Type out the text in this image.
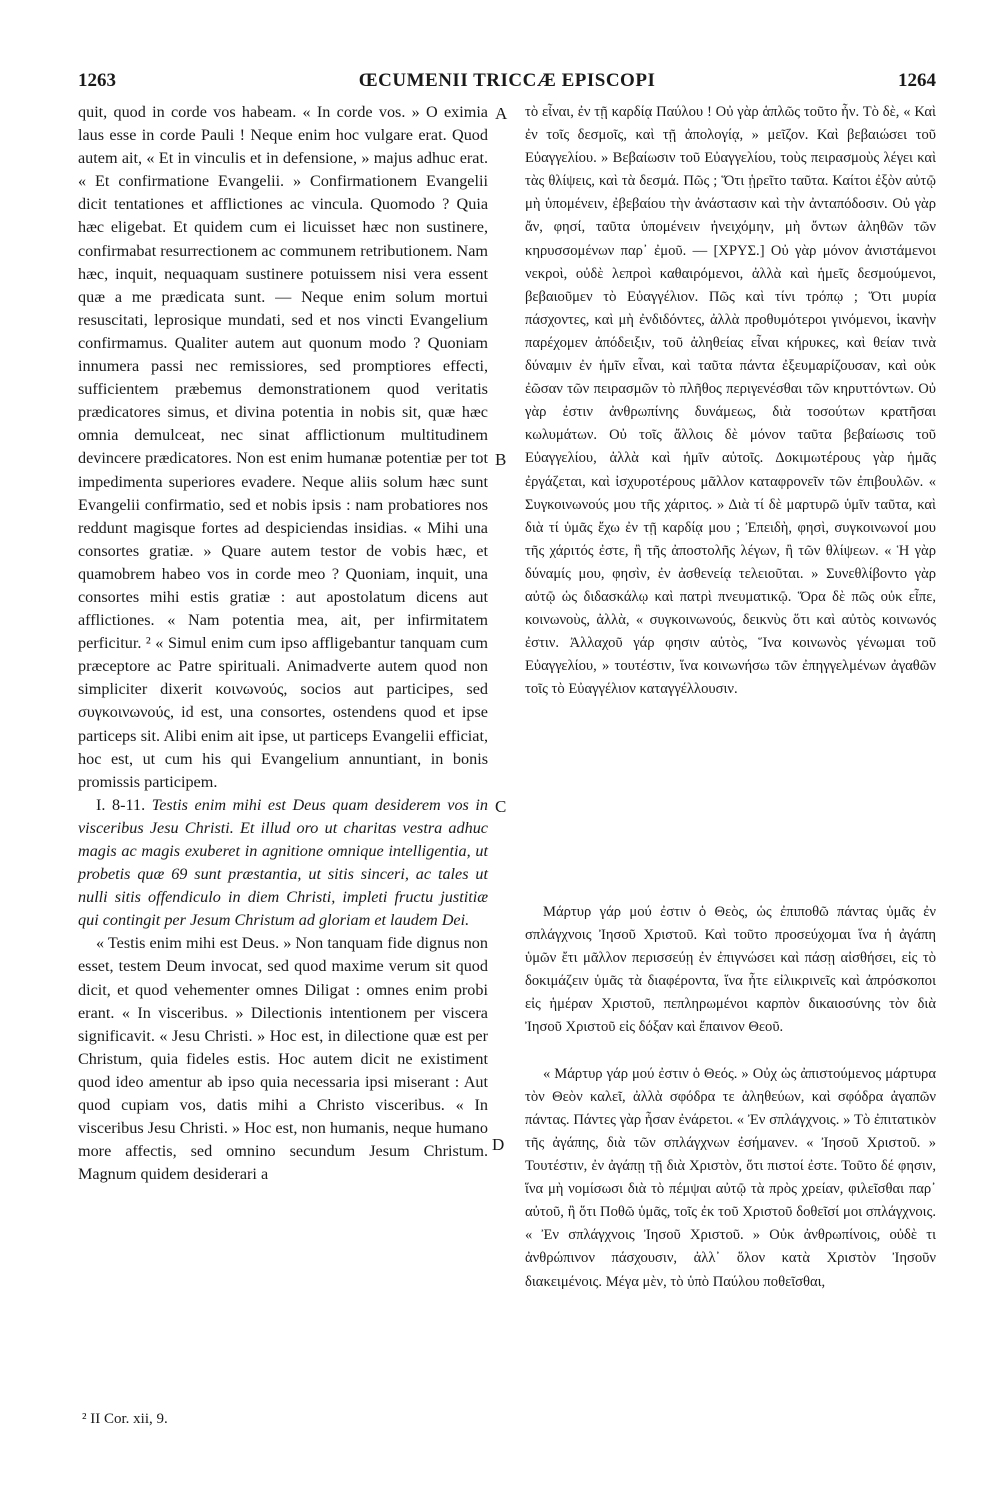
1263	ŒCUMENII TRICCÆ EPISCOPI	1264
A
B
C
D

quit, quod in corde vos habeam. « In corde vos. » O eximia laus esse in corde Pauli ! Neque enim hoc vulgare erat. Quod autem ait, « Et in vinculis et in defensione, » majus adhuc erat. « Et confirmatione Evangelii. » Confirmationem Evangelii dicit tentationes et afflictiones ac vincula. Quomodo ? Quia hæc eligebat. Et quidem cum ei licuisset hæc non sustinere, confirmabat resurrectionem ac communem retributionem. Nam hæc, inquit, nequaquam sustinere potuissem nisi vera essent quæ a me prædicata sunt. — Neque enim solum mortui resuscitati, leprosique mundati, sed et nos vincti Evangelium confirmamus. Qualiter autem aut quonum modo ? Quoniam innumera passi nec remissiores, sed promptiores effecti, sufficientem præbemus demonstrationem quod veritatis prædicatores simus, et divina potentia in nobis sit, quæ hæc omnia demulceat, nec sinat afflictionum multitudinem devincere prædicatores. Non est enim humanæ potentiæ per tot impedimenta superiores evadere. Neque aliis solum hæc sunt Evangelii confirmatio, sed et nobis ipsis : nam probatiores nos reddunt magisque fortes ad despiciendas insidias. « Mihi una consortes gratiæ. » Quare autem testor de vobis hæc, et quamobrem habeo vos in corde meo ? Quoniam, inquit, una consortes mihi estis gratiæ : aut apostolatum dicens aut afflictiones. « Nam potentia mea, ait, per infirmitatem perficitur. ² « Simul enim cum ipso affligebantur tanquam cum præceptore ac Patre spirituali. Animadverte autem quod non simpliciter dixerit κοινωνούς, socios aut participes, sed συγκοινωνούς, id est, una consortes, ostendens quod et ipse particeps sit. Alibi enim ait ipse, ut particeps Evangelii efficiat, hoc est, ut cum his qui Evangelium annuntiant, in bonis promissis participem.

I. 8-11. Testis enim mihi est Deus quam desiderem vos in visceribus Jesu Christi. Et illud oro ut charitas vestra adhuc magis ac magis exuberet in agnitione omnique intelligentia, ut probetis quæ 69 sunt præstantia, ut sitis sinceri, ac tales ut nulli sitis offendiculo in diem Christi, impleti fructu justitiæ qui contingit per Jesum Christum ad gloriam et laudem Dei.

« Testis enim mihi est Deus. » Non tanquam fide dignus non esset, testem Deum invocat, sed quod maxime verum sit quod dicit, et quod vehementer omnes Diligat : omnes enim probi erant. « In visceribus. » Dilectionis intentionem per viscera significavit. « Jesu Christi. » Hoc est, in dilectione quæ est per Christum, quia fideles estis. Hoc autem dicit ne existiment quod ideo amentur ab ipso quia necessaria ipsi miserant : Aut quod cupiam vos, datis mihi a Christo visceribus. « In visceribus Jesu Christi. » Hoc est, non humanis, neque humano more affectis, sed omnino secundum Jesum Christum. Magnum quidem desiderari a

τὸ εἶναι, ἐν τῇ καρδίᾳ Παύλου ! Οὐ γὰρ ἁπλῶς τοῦτο ἦν. Τὸ δὲ, « Καὶ ἐν τοῖς δεσμοῖς, καὶ τῇ ἀπολογίᾳ, » μεῖζον. Καὶ βεβαιώσει τοῦ Εὐαγγελίου. » Βεβαίωσιν τοῦ Εὐαγγελίου, τοὺς πειρασμοὺς λέγει καὶ τὰς θλίψεις, καὶ τὰ δεσμά. Πῶς ; Ὅτι ᾑρεῖτο ταῦτα. Καίτοι ἐξὸν αὐτῷ μὴ ὑπομένειν, ἐβεβαίου τὴν ἀνάστασιν καὶ τὴν ἀνταπόδοσιν. Οὐ γὰρ ἄν, φησί, ταῦτα ὑπομένειν ἠνειχόμην, μὴ ὄντων ἀληθῶν τῶν κηρυσσομένων παρ᾽ ἐμοῦ. — [ΧΡΥΣ.] Οὐ γὰρ μόνον ἀνιστάμενοι νεκροὶ, οὐδὲ λεπροὶ καθαιρόμενοι, ἀλλὰ καὶ ἡμεῖς δεσμούμενοι, βεβαιοῦμεν τὸ Εὐαγγέλιον. Πῶς καὶ τίνι τρόπῳ ; Ὅτι μυρία πάσχοντες, καὶ μὴ ἐνδιδόντες, ἀλλὰ προθυμότεροι γινόμενοι, ἱκανὴν παρέχομεν ἀπόδειξιν, τοῦ ἀληθείας εἶναι κήρυκες, καὶ θείαν τινὰ δύναμιν ἐν ἡμῖν εἶναι, καὶ ταῦτα πάντα ἐξευμαρίζουσαν, καὶ οὐκ ἐῶσαν τῶν πειρασμῶν τὸ πλῆθος περιγενέσθαι τῶν κηρυττόντων. Οὐ γὰρ ἐστιν ἀνθρωπίνης δυνάμεως, διὰ τοσούτων κρατῆσαι κωλυμάτων. Οὐ τοῖς ἄλλοις δὲ μόνον ταῦτα βεβαίωσις τοῦ Εὐαγγελίου, ἀλλὰ καὶ ἡμῖν αὐτοῖς. Δοκιμωτέρους γὰρ ἡμᾶς ἐργάζεται, καὶ ἰσχυροτέρους μᾶλλον καταφρονεῖν τῶν ἐπιβουλῶν. « Συγκοινωνούς μου τῆς χάριτος. » Διὰ τί δὲ μαρτυρῶ ὑμῖν ταῦτα, καὶ διὰ τί ὑμᾶς ἔχω ἐν τῇ καρδίᾳ μου ; Ἐπειδὴ, φησὶ, συγκοινωνοί μου τῆς χάριτός ἐστε, ἢ τῆς ἀποστολῆς λέγων, ἢ τῶν θλίψεων. « Ἡ γὰρ δύναμίς μου, φησὶν, ἐν ἀσθενείᾳ τελειοῦται. » Συνεθλίβοντο γὰρ αὐτῷ ὡς διδασκάλῳ καὶ πατρὶ πνευματικῷ. Ὅρα δὲ πῶς οὐκ εἶπε, κοινωνοὺς, ἀλλὰ, « συγκοινωνούς, δεικνὺς ὅτι καὶ αὐτὸς κοινωνός ἐστιν. Ἀλλαχοῦ γάρ φησιν αὐτὸς, Ἵνα κοινωνὸς γένωμαι τοῦ Εὐαγγελίου, » τουτέστιν, ἵνα κοινωνήσω τῶν ἐπηγγελμένων ἀγαθῶν τοῖς τὸ Εὐαγγέλιον καταγγέλλουσιν.

Μάρτυρ γάρ μού ἐστιν ὁ Θεὸς, ὡς ἐπιποθῶ πάντας ὑμᾶς ἐν σπλάγχνοις Ἰησοῦ Χριστοῦ. Καὶ τοῦτο προσεύχομαι ἵνα ἡ ἀγάπη ὑμῶν ἔτι μᾶλλον περισσεύῃ ἐν ἐπιγνώσει καὶ πάσῃ αἰσθήσει, εἰς τὸ δοκιμάζειν ὑμᾶς τὰ διαφέροντα, ἵνα ἦτε εἰλικρινεῖς καὶ ἀπρόσκοποι εἰς ἡμέραν Χριστοῦ, πεπληρωμένοι καρπὸν δικαιοσύνης τὸν διὰ Ἰησοῦ Χριστοῦ εἰς δόξαν καὶ ἔπαινον Θεοῦ.

« Μάρτυρ γάρ μού ἐστιν ὁ Θεός. » Οὐχ ὡς ἀπιστούμενος μάρτυρα τὸν Θεὸν καλεῖ, ἀλλὰ σφόδρα τε ἀληθεύων, καὶ σφόδρα ἀγαπῶν πάντας. Πάντες γὰρ ἦσαν ἐνάρετοι. « Ἐν σπλάγχνοις. » Τὸ ἐπιτατικὸν τῆς ἀγάπης, διὰ τῶν σπλάγχνων ἐσήμανεν. « Ἰησοῦ Χριστοῦ. » Τουτέστιν, ἐν ἀγάπῃ τῇ διὰ Χριστὸν, ὅτι πιστοί ἐστε. Τοῦτο δέ φησιν, ἵνα μὴ νομίσωσι διὰ τὸ πέμψαι αὐτῷ τὰ πρὸς χρείαν, φιλεῖσθαι παρ᾽ αὐτοῦ, ἢ ὅτι Ποθῶ ὑμᾶς, τοῖς ἐκ τοῦ Χριστοῦ δοθεῖσί μοι σπλάγχνοις. « Ἐν σπλάγχνοις Ἰησοῦ Χριστοῦ. » Οὐκ ἀνθρωπίνοις, οὐδὲ τι ἀνθρώπινον πάσχουσιν, ἀλλ᾽ ὅλον κατὰ Χριστὸν Ἰησοῦν διακειμένοις. Μέγα μὲν, τὸ ὑπὸ Παύλου ποθεῖσθαι,

² II Cor. xii, 9.
